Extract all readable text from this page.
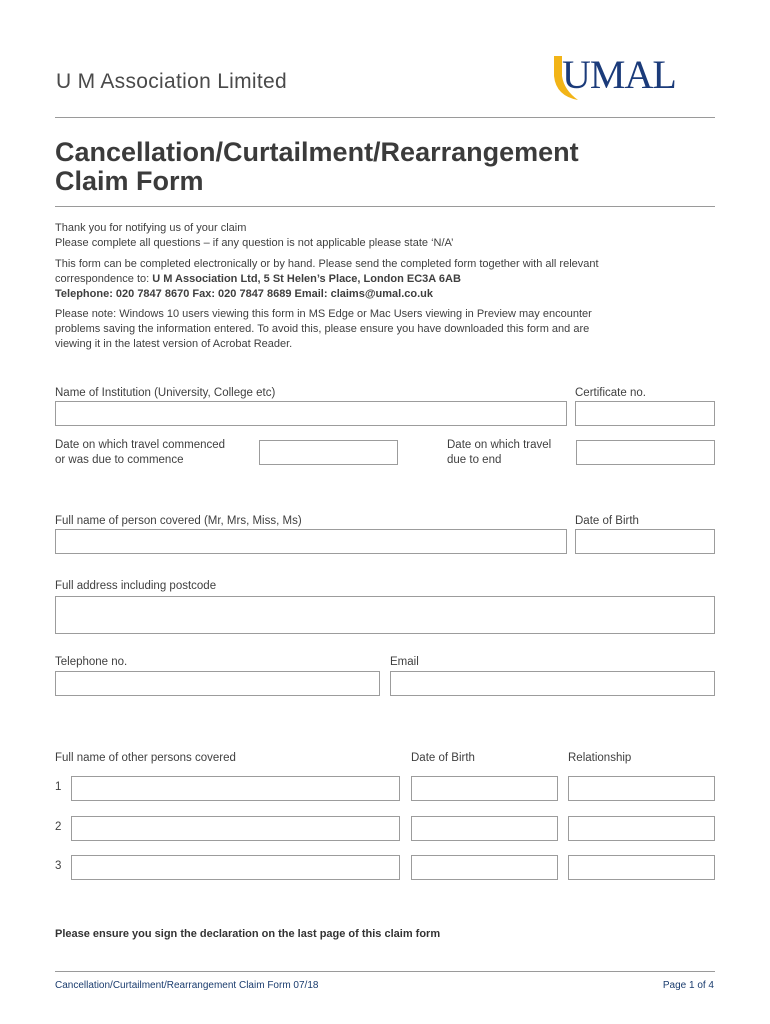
U M Association Limited	UMAL
Cancellation/Curtailment/Rearrangement
Claim Form
Thank you for notifying us of your claim
Please complete all questions – if any question is not applicable please state ‘N/A’
This form can be completed electronically or by hand. Please send the completed form together with all relevant
correspondence to: U M Association Ltd, 5 St Helen’s Place, London EC3A 6AB
Telephone: 020 7847 8670 Fax: 020 7847 8689 Email: claims@umal.co.uk
Please note: Windows 10 users viewing this form in MS Edge or Mac Users viewing in Preview may encounter
problems saving the information entered. To avoid this, please ensure you have downloaded this form and are
viewing it in the latest version of Acrobat Reader.
Name of Institution (University, College etc)	Certificate no.
Date on which travel commenced
or was due to commence
Date on which travel
due to end
Full name of person covered (Mr, Mrs, Miss, Ms)	Date of Birth
Full address including postcode
Telephone no.	Email
Full name of other persons covered	Date of Birth	Relationship
1
2
3
Please ensure you sign the declaration on the last page of this claim form
Cancellation/Curtailment/Rearrangement Claim Form 07/18	Page 1 of 4
